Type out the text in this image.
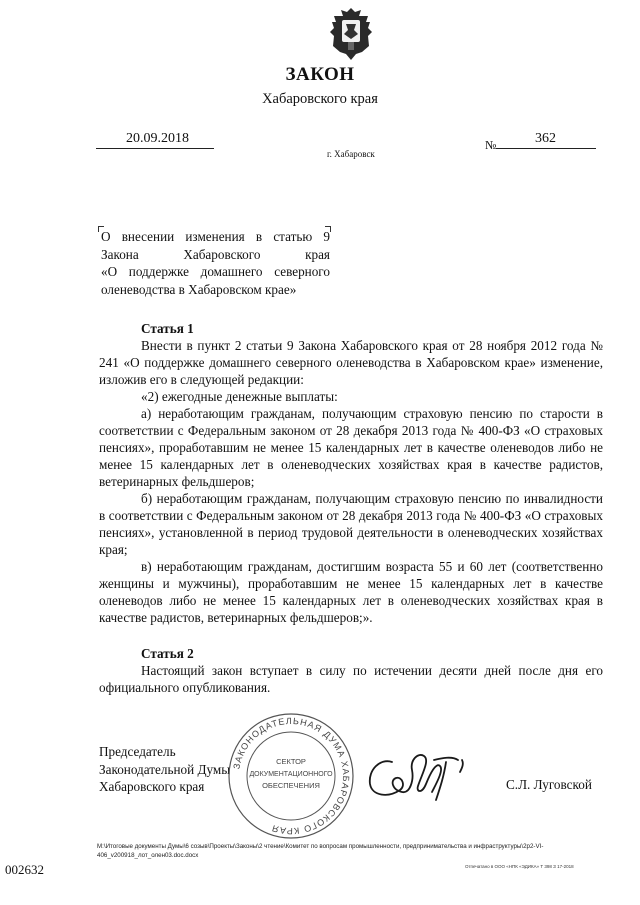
ЗАКОН
Хабаровского края
20.09.2018
г. Хабаровск
№	362
О внесении изменения в статью 9
Закона Хабаровского края
«О поддержке домашнего северного
оленеводства в Хабаровском крае»

Статья 1

Внести в пункт 2 статьи 9 Закона Хабаровского края от 28 ноября 2012 года № 241 «О поддержке домашнего северного оленеводства в Хабаровском крае» изменение, изложив его в следующей редакции:

«2) ежегодные денежные выплаты:

а) неработающим гражданам, получающим страховую пенсию по старости в соответствии с Федеральным законом от 28 декабря 2013 года № 400-ФЗ «О страховых пенсиях», проработавшим не менее 15 календарных лет в качестве оленеводов либо не менее 15 календарных лет в оленеводческих хозяйствах края в качестве радистов, ветеринарных фельдшеров;

б) неработающим гражданам, получающим страховую пенсию по инвалидности в соответствии с Федеральным законом от 28 декабря 2013 года № 400-ФЗ «О страховых пенсиях», установленной в период трудовой деятельности в оленеводческих хозяйствах края;

в) неработающим гражданам, достигшим возраста 55 и 60 лет (соответственно женщины и мужчины), проработавшим не менее 15 календарных лет в качестве оленеводов либо не менее 15 календарных лет в оленеводческих хозяйствах края в качестве радистов, ветеринарных фельдшеров;».

Статья 2

Настоящий закон вступает в силу по истечении десяти дней после дня его официального опубликования.

Председатель
Законодательной Думы
Хабаровского края
ЗАКОНОДАТЕЛЬНАЯ ДУМА ХАБАРОВСКОГО КРАЯ
СЕКТОР
ДОКУМЕНТАЦИОННОГО
ОБЕСПЕЧЕНИЯ	С.Л. Луговской
M:\Итоговые документы Думы\6 созыв\Проекты\Законы\2 чтение\Комитет по вопросам промышленности, предпринимательства и инфраструктуры\2р2-VI-406_v200918_лот_олен03.doc.docx
002632	Отпечатано в ООО «НПК «ЭДИКА» Т 398 З 17-2018
